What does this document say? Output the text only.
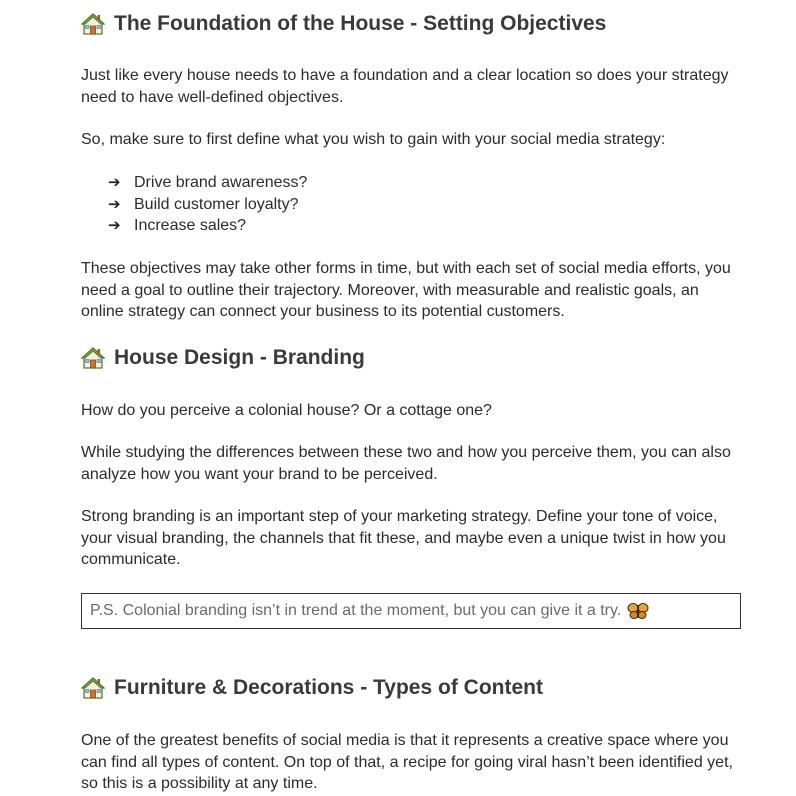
The Foundation of the House - Setting Objectives

Just like every house needs to have a foundation and a clear location so does your strategy need to have well-defined objectives.

So, make sure to first define what you wish to gain with your social media strategy:

➔ Drive brand awareness?
➔ Build customer loyalty?
➔ Increase sales?

These objectives may take other forms in time, but with each set of social media efforts, you need a goal to outline their trajectory. Moreover, with measurable and realistic goals, an online strategy can connect your business to its potential customers.

House Design - Branding

How do you perceive a colonial house? Or a cottage one?

While studying the differences between these two and how you perceive them, you can also analyze how you want your brand to be perceived.

Strong branding is an important step of your marketing strategy. Define your tone of voice, your visual branding, the channels that fit these, and maybe even a unique twist in how you communicate.

P.S. Colonial branding isn’t in trend at the moment, but you can give it a try.
Furniture & Decorations - Types of Content

One of the greatest benefits of social media is that it represents a creative space where you can find all types of content. On top of that, a recipe for going viral hasn’t been identified yet, so this is a possibility at any time.
